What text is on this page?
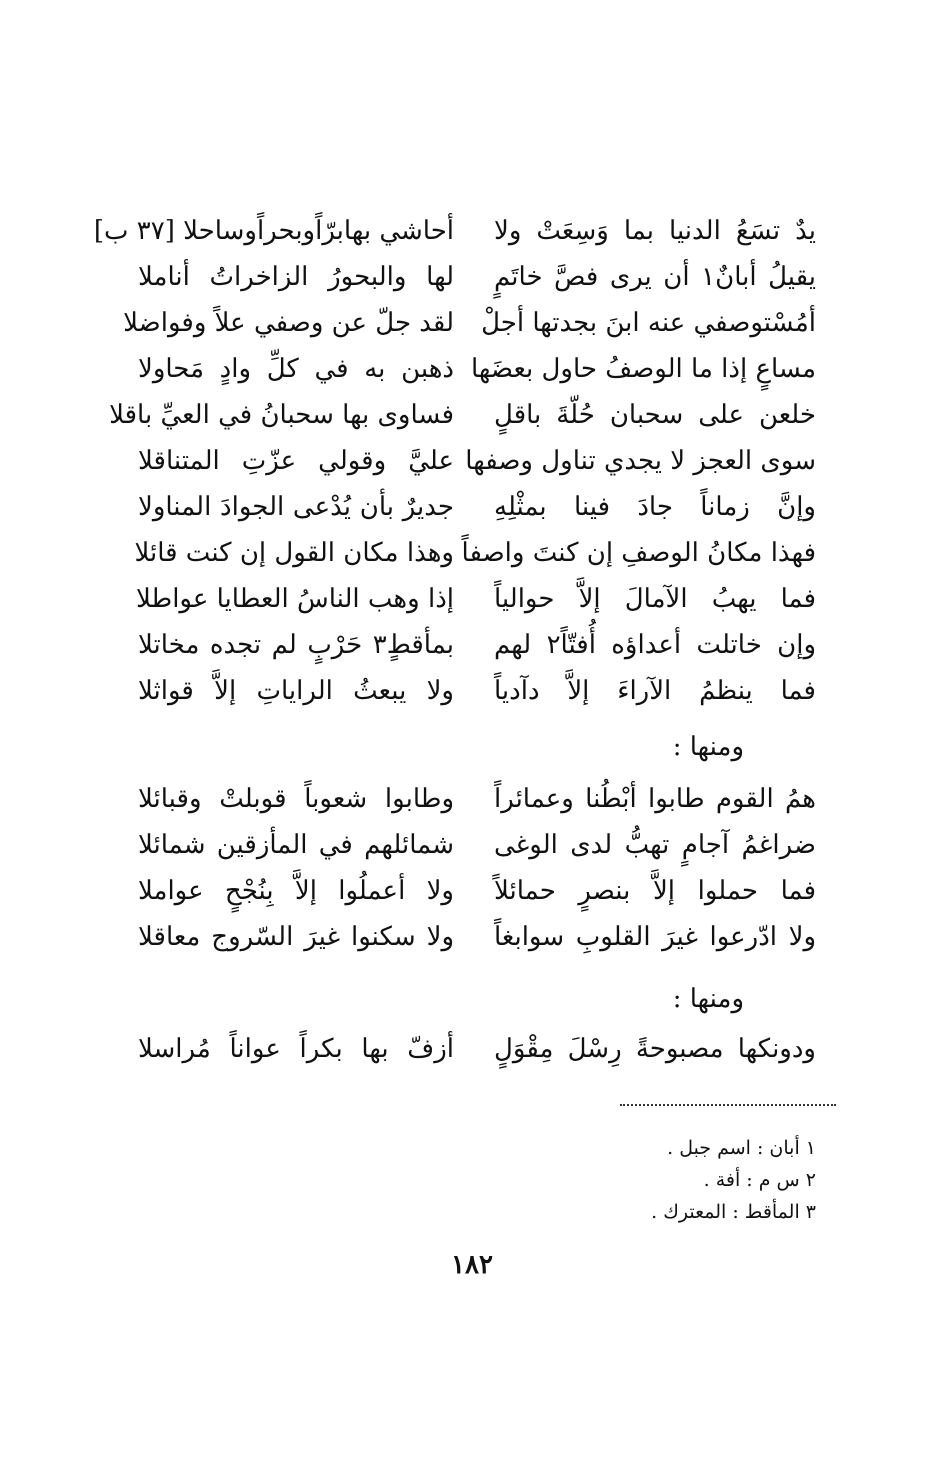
يدٌ تسَعُ الدنيا بما وَسِعَتْ ولا
أحاشي بهابرّاًوبحراًوساحلا [٣٧ ب]
يقيلُ أبانٌ١ أن يرى فصَّ خاتَمٍ
لها والبحورُ الزاخراتُ أناملا
أمُسْتوصفي عنه ابنَ بجدتها أجلْ
لقد جلّ عن وصفي علاً وفواضلا
مساعٍ إذا ما الوصفُ حاول بعضَها
ذهبن به في كلِّ وادٍ مَحاولا
خلعن على سحبان حُلّةَ باقلٍ
فساوى بها سحبانُ في العيِّ باقلا
سوى العجز لا يجدي تناول وصفها
عليَّ وقولي عزّتِ المتناقلا
وإنَّ زماناً جادَ فينا بمثْلِهِ
جديرٌ بأن يُدْعى الجوادَ المناولا
فهذا مكانُ الوصفِ إن كنتَ واصفاً
وهذا مكان القول إن كنت قائلا
فما يهبُ الآمالَ إلاَّ حوالياً
إذا وهب الناسُ العطايا عواطلا
وإن خاتلت أعداؤه أُفتّاً٢ لهم
بمأقطٍ٣ حَرْبٍ لم تجده مخاتلا
فما ينظمُ الآراءَ إلاَّ دآدياً
ولا يبعثُ الراياتِ إلاَّ قواثلا
ومنها :
همُ القوم طابوا أبْطُنا وعمائراً
وطابوا شعوباً قوبلتْ وقبائلا
ضراغمُ آجامٍ تهبُّ لدى الوغى
شمائلهم في المأزقين شمائلا
فما حملوا إلاَّ بنصرٍ حمائلاً
ولا أعملُوا إلاَّ بِنُجْحٍ عواملا
ولا ادّرعوا غيرَ القلوبِ سوابغاً
ولا سكنوا غيرَ السّروج معاقلا
ومنها :
ودونكها مصبوحةً رِسْلَ مِقْوَلٍ
أزفّ بها بكراً عواناً مُراسلا
١ أبان : اسم جبل .
٢ س م : أفة .
٣ المأقط : المعترك .
١٨٢
